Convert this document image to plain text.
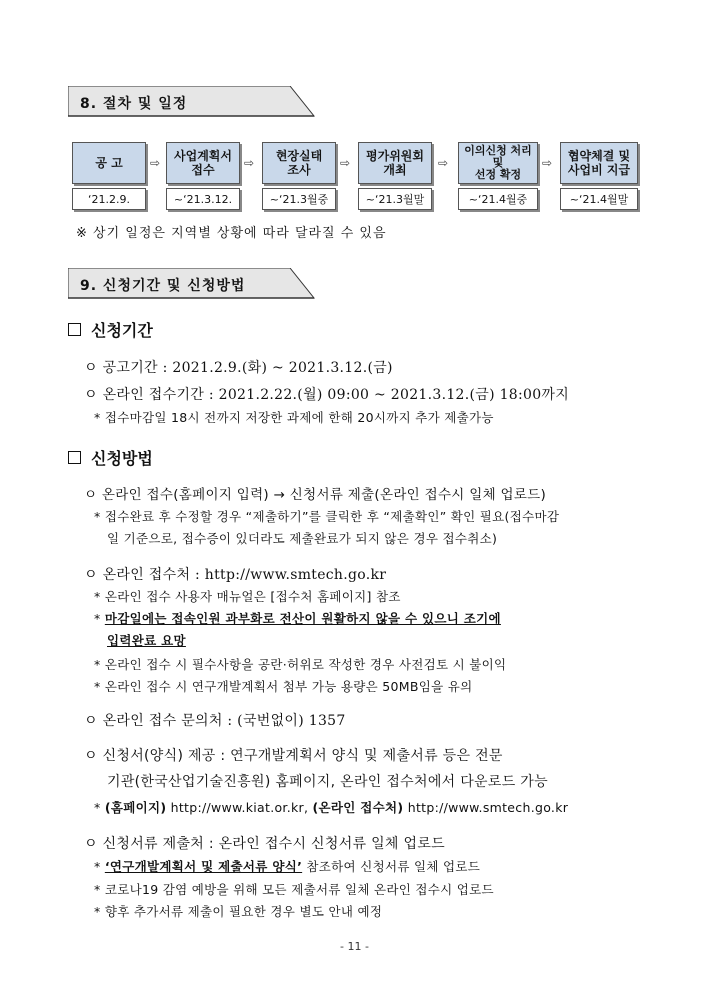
8. 절차 및 일정
공 고
‘21.2.9.
⇨	사업계획서
접수
~‘21.3.12.
⇨	현장실태
조사
~‘21.3월중
⇨	평가위원회
개최
~‘21.3월말
⇨
이의신청 처리
및
선정 확정
~‘21.4월중
⇨	협약체결 및
사업비 지급
~‘21.4월말
※ 상기 일정은 지역별 상황에 따라 달라질 수 있음
9. 신청기간 및 신청방법
신청기간
ㅇ 공고기간 : 2021.2.9.(화) ~ 2021.3.12.(금)
ㅇ 온라인 접수기간 : 2021.2.22.(월) 09:00 ~ 2021.3.12.(금) 18:00까지
* 접수마감일 18시 전까지 저장한 과제에 한해 20시까지 추가 제출가능
신청방법
ㅇ 온라인 접수(홈페이지 입력) → 신청서류 제출(온라인 접수시 일체 업로드)
* 접수완료 후 수정할 경우 “제출하기”를 클릭한 후 “제출확인” 확인 필요(접수마감
일 기준으로, 접수증이 있더라도 제출완료가 되지 않은 경우 접수취소)
ㅇ 온라인 접수처 : http://www.smtech.go.kr
* 온라인 접수 사용자 매뉴얼은 [접수처 홈페이지] 참조
* 마감일에는 접속인원 과부화로 전산이 원활하지 않을 수 있으니 조기에
입력완료 요망
* 온라인 접수 시 필수사항을 공란·허위로 작성한 경우 사전검토 시 불이익
* 온라인 접수 시 연구개발계획서 첨부 가능 용량은 50MB임을 유의
ㅇ 온라인 접수 문의처 : (국번없이) 1357
ㅇ 신청서(양식) 제공 : 연구개발계획서 양식 및 제출서류 등은 전문
기관(한국산업기술진흥원) 홈페이지, 온라인 접수처에서 다운로드 가능
* (홈페이지) http://www.kiat.or.kr, (온라인 접수처) http://www.smtech.go.kr
ㅇ 신청서류 제출처 : 온라인 접수시 신청서류 일체 업로드
* ‘연구개발계획서 및 제출서류 양식’ 참조하여 신청서류 일체 업로드
* 코로나19 감염 예방을 위해 모든 제출서류 일체 온라인 접수시 업로드
* 향후 추가서류 제출이 필요한 경우 별도 안내 예정
- 11 -
